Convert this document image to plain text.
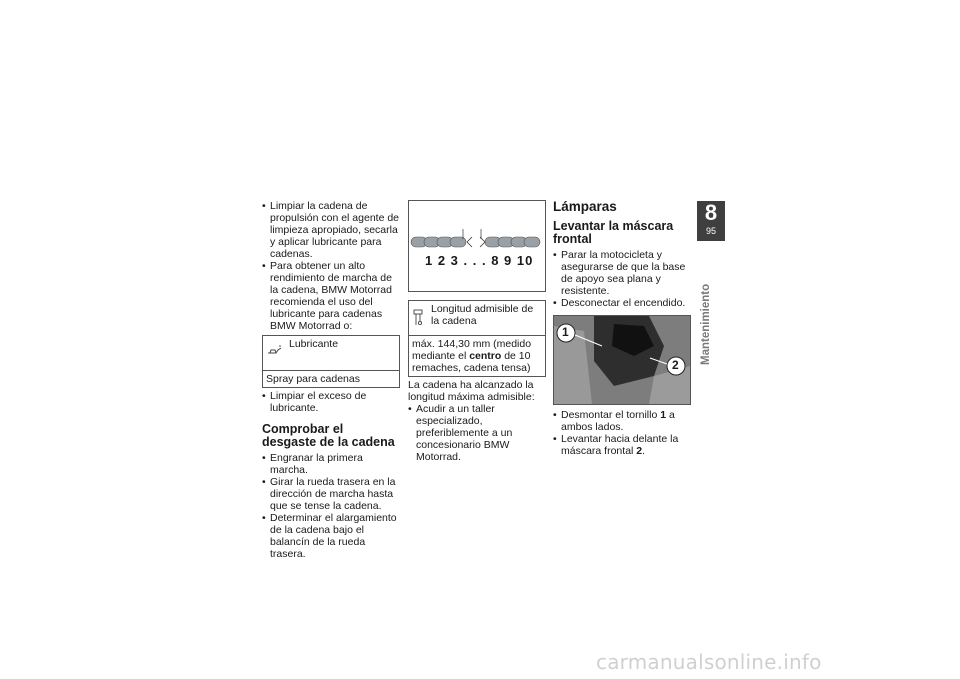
• Limpiar la cadena de propulsión con el agente de limpieza apropiado, secarla y aplicar lubricante para cadenas.
• Para obtener un alto rendimiento de marcha de la cadena, BMW Motorrad recomienda el uso del lubricante para cadenas BMW Motorrad o:
Lubricante
Spray para cadenas
• Limpiar el exceso de lubricante.
Comprobar el desgaste de la cadena
• Engranar la primera marcha.
• Girar la rueda trasera en la dirección de marcha hasta que se tense la cadena.
• Determinar el alargamiento de la cadena bajo el balancín de la rueda trasera.
1 2 3 . . . 8 9 10
Longitud admisible de la cadena
máx. 144,30 mm (medido mediante el centro de 10 remaches, cadena tensa)
La cadena ha alcanzado la longitud máxima admisible:
• Acudir a un taller especializado, preferiblemente a un concesionario BMW Motorrad.
Lámparas
Levantar la máscara frontal
• Parar la motocicleta y asegurarse de que la base de apoyo sea plana y resistente.
• Desconectar el encendido.
1
2
• Desmontar el tornillo 1 a ambos lados.
• Levantar hacia delante la máscara frontal 2.
8
95
Mantenimiento
carmanualsonline.info
